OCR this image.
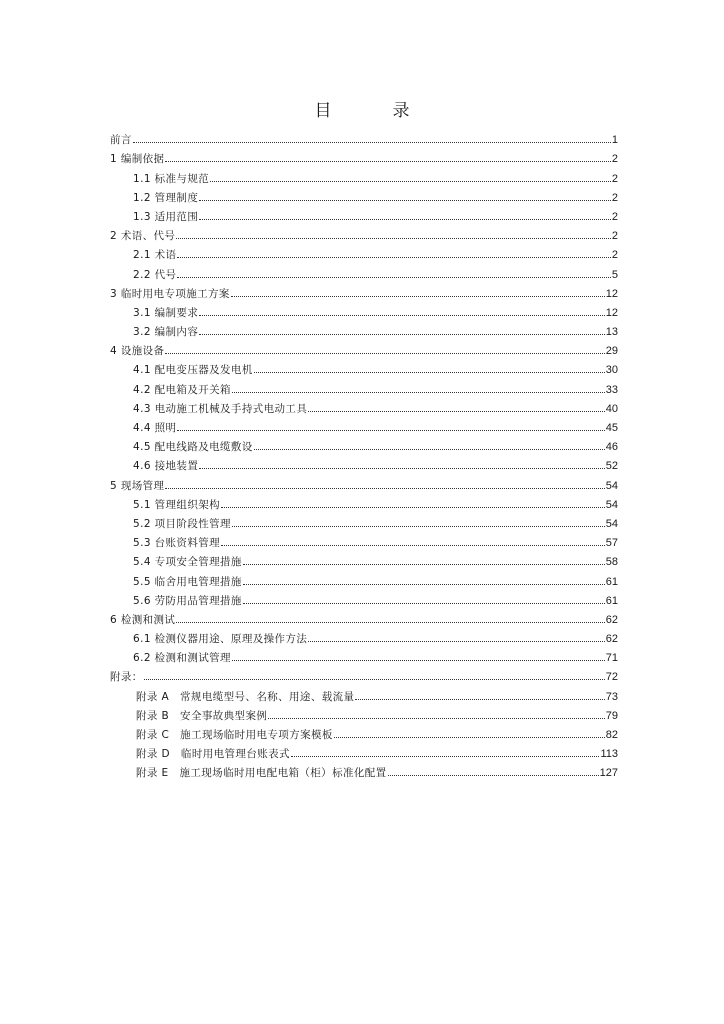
目　录
前言	1
1 编制依据	2
1.1 标准与规范	2
1.2 管理制度	2
1.3 适用范围	2
2 术语、代号	2
2.1 术语	2
2.2 代号	5
3 临时用电专项施工方案	12
3.1 编制要求	12
3.2 编制内容	13
4 设施设备	29
4.1 配电变压器及发电机	30
4.2 配电箱及开关箱	33
4.3 电动施工机械及手持式电动工具	40
4.4 照明	45
4.5 配电线路及电缆敷设	46
4.6 接地装置	52
5 现场管理	54
5.1 管理组织架构	54
5.2 项目阶段性管理	54
5.3 台账资料管理	57
5.4 专项安全管理措施	58
5.5 临舍用电管理措施	61
5.6 劳防用品管理措施	61
6 检测和测试	62
6.1 检测仪器用途、原理及操作方法	62
6.2 检测和测试管理	71
附录：	72
附录 A　常规电缆型号、名称、用途、载流量	73
附录 B　安全事故典型案例	79
附录 C　施工现场临时用电专项方案模板	82
附录 D　临时用电管理台账表式	113
附录 E　施工现场临时用电配电箱（柜）标准化配置	127
